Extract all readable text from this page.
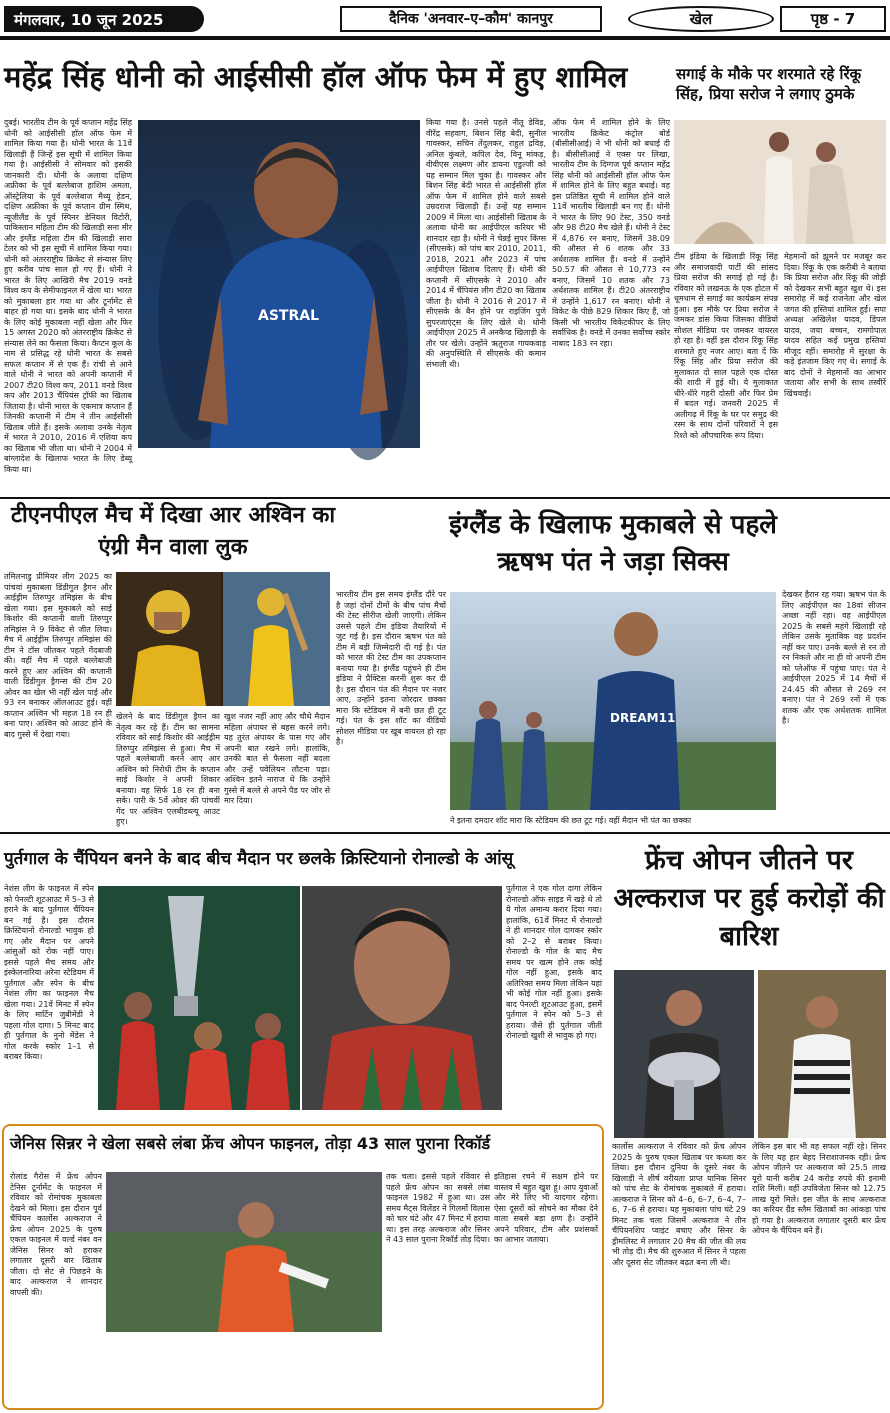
मंगलवार, 10 जून 2025	दैनिक 'अनवार–ए–कौम' कानपुर	खेल	पृष्ठ - 7
महेंद्र सिंह धोनी को आईसीसी हॉल ऑफ फेम में हुए शामिल
दुबई। भारतीय टीम के पूर्व कप्तान महेंद्र सिंह धोनी को आईसीसी हॉल ऑफ फेम में शामिल किया गया है। धोनी भारत के 11वें खिलाड़ी हैं जिन्हें इस सूची में शामिल किया गया है। आईसीसी ने सोमवार को इसकी जानकारी दी। धोनी के अलावा दक्षिण अफ्रीका के पूर्व बल्लेबाज हाशिम अमला, ऑस्ट्रेलिया के पूर्व बल्लेबाज मैथ्यू हेडन, दक्षिण अफ्रीका के पूर्व कप्तान ग्रीम स्मिथ, न्यूजीलैंड के पूर्व स्पिनर डेनियल विटोरी, पाकिस्तान महिला टीम की खिलाड़ी सना मीर और इंग्लैंड महिला टीम की खिलाड़ी सारा टेलर को भी इस सूची में शामिल किया गया। धोनी को अंतरराष्ट्रीय क्रिकेट से संन्यास लिए हुए करीब पांच साल हो गए हैं। धोनी ने भारत के लिए आखिरी मैच 2019 वनडे विश्व कप के सेमीफाइनल में खेला था। भारत को मुकाबला हार गया था और टूर्नामेंट से बाहर हो गया था। इसके बाद धोनी ने भारत के लिए कोई मुकाबला नहीं खेला और फिर 15 अगस्त 2020 को अंतरराष्ट्रीय क्रिकेट से संन्यास लेने का फैसला किया। कैप्टन कूल के नाम से प्रसिद्ध रहे धोनी भारत के सबसे सफल कप्तान में से एक हैं। रांची से आने वाले धोनी ने भारत को अपनी कप्तानी में 2007 टी20 विश्व कप, 2011 वनडे विश्व कप और 2013 चैंपियंस ट्रॉफी का खिताब जिताया है। धोनी भारत के एकमात्र कप्तान हैं जिनकी कप्तानी में टीम ने तीन आईसीसी खिताब जीते हैं। इसके अलावा उनके नेतृत्व में भारत ने 2010, 2016 में एशिया कप का खिताब भी जीता था। धोनी ने 2004 में बांग्लादेश के खिलाफ भारत के लिए डेब्यू किया था।
ASTRAL
किया गया है। उनसे पहले नीतू डेविड, वीरेंद्र सहवाग, बिशन सिंह बेदी, सुनील गावस्कर, सचिन तेंदुलकर, राहुल द्रविड़, अनिल कुंबले, कपिल देव, विनू मांकड़, वीवीएस लक्ष्मण और डायना एडुल्जी को यह सम्मान मिल चुका है। गावस्कर और बिशन सिंह बेदी भारत से आईसीसी हॉल ऑफ फेम में शामिल होने वाले सबसे उम्रदराज खिलाड़ी हैं। उन्हें यह सम्मान 2009 में मिला था। आईसीसी खिताब के अलावा धोनी का आईपीएल करियर भी शानदार रहा है। धोनी ने चेन्नई सुपर किंग्स (सीएसके) को पांच बार 2010, 2011, 2018, 2021 और 2023 में पांच आईपीएल खिताब दिलाए हैं। धोनी की कप्तानी में सीएसके ने 2010 और 2014 में चैंपियंस लीग टी20 का खिताब जीता है। धोनी ने 2016 से 2017 में सीएसके के बैन होने पर राइजिंग पुणे सुपरजाएंट्स के लिए खेले थे। धोनी आईपीएल 2025 में अनकैप्ड खिलाड़ी के तौर पर खेले। उन्होंने ऋतुराज गायकवाड़ की अनुपस्थिति में सीएसके की कमान संभाली थी।
ऑफ फेम में शामिल होने के लिए भारतीय क्रिकेट कंट्रोल बोर्ड (बीसीसीआई) ने भी धोनी को बधाई दी है। बीसीसीआई ने एक्स पर लिखा, भारतीय टीम के दिग्गज पूर्व कप्तान महेंद्र सिंह धोनी को आईसीसी हॉल ऑफ फेम में शामिल होने के लिए बहुत बधाई। वह इस प्रतिष्ठित सूची में शामिल होने वाले 11वें भारतीय खिलाड़ी बन गए हैं। धोनी ने भारत के लिए 90 टेस्ट, 350 वनडे और 98 टी20 मैच खेले हैं। धोनी ने टेस्ट में 4,876 रन बनाए, जिसमें 38.09 की औसत से 6 शतक और 33 अर्धशतक शामिल हैं। वनडे में उन्होंने 50.57 की औसत से 10,773 रन बनाए, जिसमें 10 शतक और 73 अर्धशतक शामिल हैं। टी20 अंतरराष्ट्रीय में उन्होंने 1,617 रन बनाए। धोनी ने विकेट के पीछे 829 शिकार किए हैं, जो किसी भी भारतीय विकेटकीपर के लिए सर्वाधिक है। वनडे में उनका सर्वोच्च स्कोर नाबाद 183 रन रहा।
सगाई के मौके पर शरमाते रहे रिंकू सिंह, प्रिया सरोज ने लगाए ठुमके
टीम इंडिया के खिलाड़ी रिंकू सिंह और समाजवादी पार्टी की सांसद प्रिया सरोज की सगाई हो गई है। रविवार को लखनऊ के एक होटल में धूमधाम से सगाई का कार्यक्रम संपन्न हुआ। इस मौके पर प्रिया सरोज ने जमकर डांस किया जिसका वीडियो सोशल मीडिया पर जमकर वायरल हो रहा है। वहीं इस दौरान रिंकू सिंह शरमाते हुए नजर आए। बता दें कि रिंकू सिंह और प्रिया सरोज की मुलाकात दो साल पहले एक दोस्त की शादी में हुई थी। ये मुलाकात धीरे-धीरे गहरी दोस्ती और फिर प्रेम में बदल गई। जनवरी 2025 में अलीगढ़ में रिंकू के घर पर समुद्र की रस्म के साथ दोनों परिवारों ने इस रिश्ते को औपचारिक रूप दिया।
मेहमानों को झूमने पर मजबूर कर दिया। रिंकू के एक करीबी ने बताया कि प्रिया सरोज और रिंकू की जोड़ी को देखकर सभी बहुत खुश थे। इस समारोह में कई राजनेता और खेल जगत की हस्तियां शामिल हुईं। सपा अध्यक्ष अखिलेश यादव, डिंपल यादव, जया बच्चन, रामगोपाल यादव सहित कई प्रमुख हस्तियां मौजूद रहीं। समारोह में सुरक्षा के कड़े इंतजाम किए गए थे। सगाई के बाद दोनों ने मेहमानों का आभार जताया और सभी के साथ तस्वीरें खिंचवाईं।
टीएनपीएल मैच में दिखा आर अश्विन का एंग्री मैन वाला लुक
तमिलनाडु प्रीमियर लीग 2025 का पांचवां मुकाबला डिंडीगुल ड्रैगन और आईड्रीम तिरुप्पुर तमिझंस के बीच खेला गया। इस मुकाबले को साई किशोर की कप्तानी वाली तिरुप्पुर तमिझंस ने 9 विकेट से जीत लिया। मैच में आईड्रीम तिरुप्पुर तमिझंस की टीम ने टॉस जीतकर पहले गेंदबाजी की। वहीं मैच में पहले बल्लेबाजी करने हुए आर अश्विन की कप्तानी वाली डिंडीगुल ड्रैगन्स की टीम 20 ओवर का खेल भी नहीं खेल पाई और 93 रन बनाकर ऑलआउट हुई। वहीं कप्तान अश्विन भी महज 18 रन ही बना पाए। अश्विन को आउट होने के बाद गुस्से में देखा गया।
खेलने के बाद डिंडीगुल ड्रैगन का नेतृत्व कर रहे हैं। टीम का सामना रविवार को साई किशोर की आईड्रीम तिरुप्पुर तमिझंस से हुआ। मैच में पहले बल्लेबाजी करने आए आर अश्विन को निरोधी टीम के कप्तान साई किशोर ने अपनी शिकार बनाया। वह सिर्फ 18 रन ही बना सके। पारी के 5वें ओवर की पांचवीं गेंद पर अश्विन एलबीडब्ल्यू आउट हुए।
खुश नजर नहीं आए और चौथे मैदान महिला अंपायर से बहस करने लगे। यह तुरंत अंपायर के पास गए और अपनी बात रखने लगे। हालांकि, उनकी बात से फैसला नहीं बदला और उन्हें पवेलियन लौटना पड़ा। अश्विन इतने नाराज थे कि उन्होंने गुस्से में बल्ले से अपने पैड पर जोर से मार दिया।
इंग्लैंड के खिलाफ मुकाबले से पहले
ऋषभ पंत ने जड़ा सिक्स
भारतीय टीम इस समय इंग्लैंड दौरे पर है जहां दोनों टीमों के बीच पांच मैचों की टेस्ट सीरीज खेली जाएगी। लेकिन उससे पहले टीम इंडिया तैयारियों में जुट गई है। इस दौरान ऋषभ पंत को टीम में बड़ी जिम्मेदारी दी गई है। पंत को भारत की टेस्ट टीम का उपकप्तान बनाया गया है। इंग्लैंड पहुंचने ही टीम इंडिया ने प्रैक्टिस करनी शुरू कर दी है। इस दौरान पंत की मैदान पर नजर आए, उन्होंने इतना जोरदार छक्का मारा कि स्टेडियम में बनी छत ही टूट गई। पंत के इस शॉट का वीडियो सोशल मीडिया पर खूब वायरल हो रहा है।
DREAM11
ने इतना दमदार शॉट मारा कि स्टेडियम की छत टूट गई। वहीं मैदान भी पंत का छक्का
देखकर हैरान रह गया। ऋषभ पंत के लिए आईपीएल का 18वां सीजन अच्छा नहीं रहा। वह आईपीएल 2025 के सबसे महंगे खिलाड़ी रहे लेकिन उसके मुताबिक वह प्रदर्शन नहीं कर पाए। उनके बल्ले से रन तो रन निकले और ना ही वो अपनी टीम को प्लेऑफ में पहुंचा पाए। पंत ने आईपीएल 2025 में 14 मैचों में 24.45 की औसत से 269 रन बनाए। पंत ने 269 रनों में एक शतक और एक अर्धशतक शामिल है।
पुर्तगाल के चैंपियन बनने के बाद बीच मैदान पर छलके क्रिस्टियानो रोनाल्डो के आंसू
नेशंस लीग के फाइनल में स्पेन को पेनल्टी शूटआउट में 5–3 से हराने के बाद पुर्तगाल चैंपियन बन गई है। इस दौरान क्रिस्टियानो रोनाल्डो भावुक हो गए और मैदान पर अपने आंसुओं को रोक नहीं पाए। इससे पहले मैच समय और इंस्केलनारिया अरेना स्टेडियम में पुर्तगाल और स्पेन के बीच नेशंस लीग का फाइनल मैच खेला गया। 21वें मिनट में स्पेन के लिए मार्टिन जुबीमेंडी ने पहला गोल दागा। 5 मिनट बाद ही पुर्तगाल के नुनो मेंडेस ने गोल करके स्कोर 1–1 से बराबर किया।
पुर्तगाल ने एक गोल दागा लेकिन रोनाल्डो ऑफ साइड में खड़े थे तो ये गोल अमान्य करार दिया गया। हालांकि, 61वें मिनट में रोनाल्डो ने ही शानदार गोल दागकर स्कोर को 2–2 से बराबर किया। रोनाल्डो के गोल के बाद मैच समय पर खत्म होने तक कोई गोल नहीं हुआ, इसके बाद अतिरिक्त समय मिला लेकिन यहां भी कोई गोल नहीं हुआ। इसके बाद पेनल्टी शूटआउट हुआ, इसमें पुर्तगाल ने स्पेन को 5–3 से हराया। जैसे ही पुर्तगाल जीती रोनाल्डो खुशी से भावुक हो गए।
फ्रेंच ओपन जीतने पर अल्कराज पर हुई करोड़ों की बारिश
कार्लोस अल्कराज ने रविवार को फ्रेंच ओपन 2025 के पुरुष एकल खिताब पर कब्जा कर लिया। इस दौरान दुनिया के दूसरे नंबर के खिलाड़ी ने शीर्ष वरीयता प्राप्त यानिक सिनर को पांच सेट के रोमांचक मुकाबले में हराया। अल्कराज ने सिनर को 4–6, 6–7, 6–4, 7–6, 7–6 से हराया। यह मुकाबला पांच घंटे 29 मिनट तक चला जिसमें अल्कराज ने तीन चैंपियनशिप प्वाइंट बचाए और सिनर के ड्रीमलिस्ट में लगातार 20 मैच की जीत की लय भी तोड़ दी। मैच की शुरुआत में सिनर ने पहला और दूसरा सेट जीतकर बढ़त बना ली थी।
लेकिन इस बार भी वह सफल नहीं रहे। सिनर के लिए यह हार बेहद निराशाजनक रही। फ्रेंच ओपन जीतने पर अल्कराज को 25.5 लाख यूरो यानी करीब 24 करोड़ रुपये की इनामी राशि मिली। वहीं उपविजेता सिनर को 12.75 लाख यूरो मिले। इस जीत के साथ अल्कराज का करियर ग्रैंड स्लैम खिताबों का आंकड़ा पांच हो गया है। अल्कराज लगातार दूसरी बार फ्रेंच ओपन के चैंपियन बने हैं।
जेनिस सिन्नर ने खेला सबसे लंबा फ्रेंच ओपन फाइनल, तोड़ा 43 साल पुराना रिकॉर्ड
रोलांड गैरोस में फ्रेंच ओपन टेनिस टूर्नामेंट के फाइनल में रविवार को रोमांचक मुकाबला देखने को मिला। इस दौरान पूर्व चैंपियन कार्लोस अल्कराज ने फ्रेंच ओपन 2025 के पुरुष एकल फाइनल में वर्ल्ड नंबर वन जेनिस सिनर को हराकर लगातार दूसरी बार खिताब जीता। दो सेट से पिछड़ने के बाद अल्कराज ने शानदार वापसी की।
तक चला। इससे पहले रविवार से पहले फ्रेंच ओपन का सबसे लंबा फाइनल 1982 में हुआ था। उस समय मैट्स विलेंडर ने गिलर्मो विलास को चार घंटे और 47 मिनट में हराया था। इस तरह अल्कराज और सिनर ने 43 साल पुराना रिकॉर्ड तोड़ दिया।
इतिहास रचने में सक्षम होने पर वास्तव में बहुत खुश हूं। आप युवाओं और मेरे लिए भी यादगार रहेगा। ऐसा दूसरों को सोचने का मौका देने वाला सबसे बड़ा क्षण है। उन्होंने अपने परिवार, टीम और प्रशंसकों का आभार जताया।
